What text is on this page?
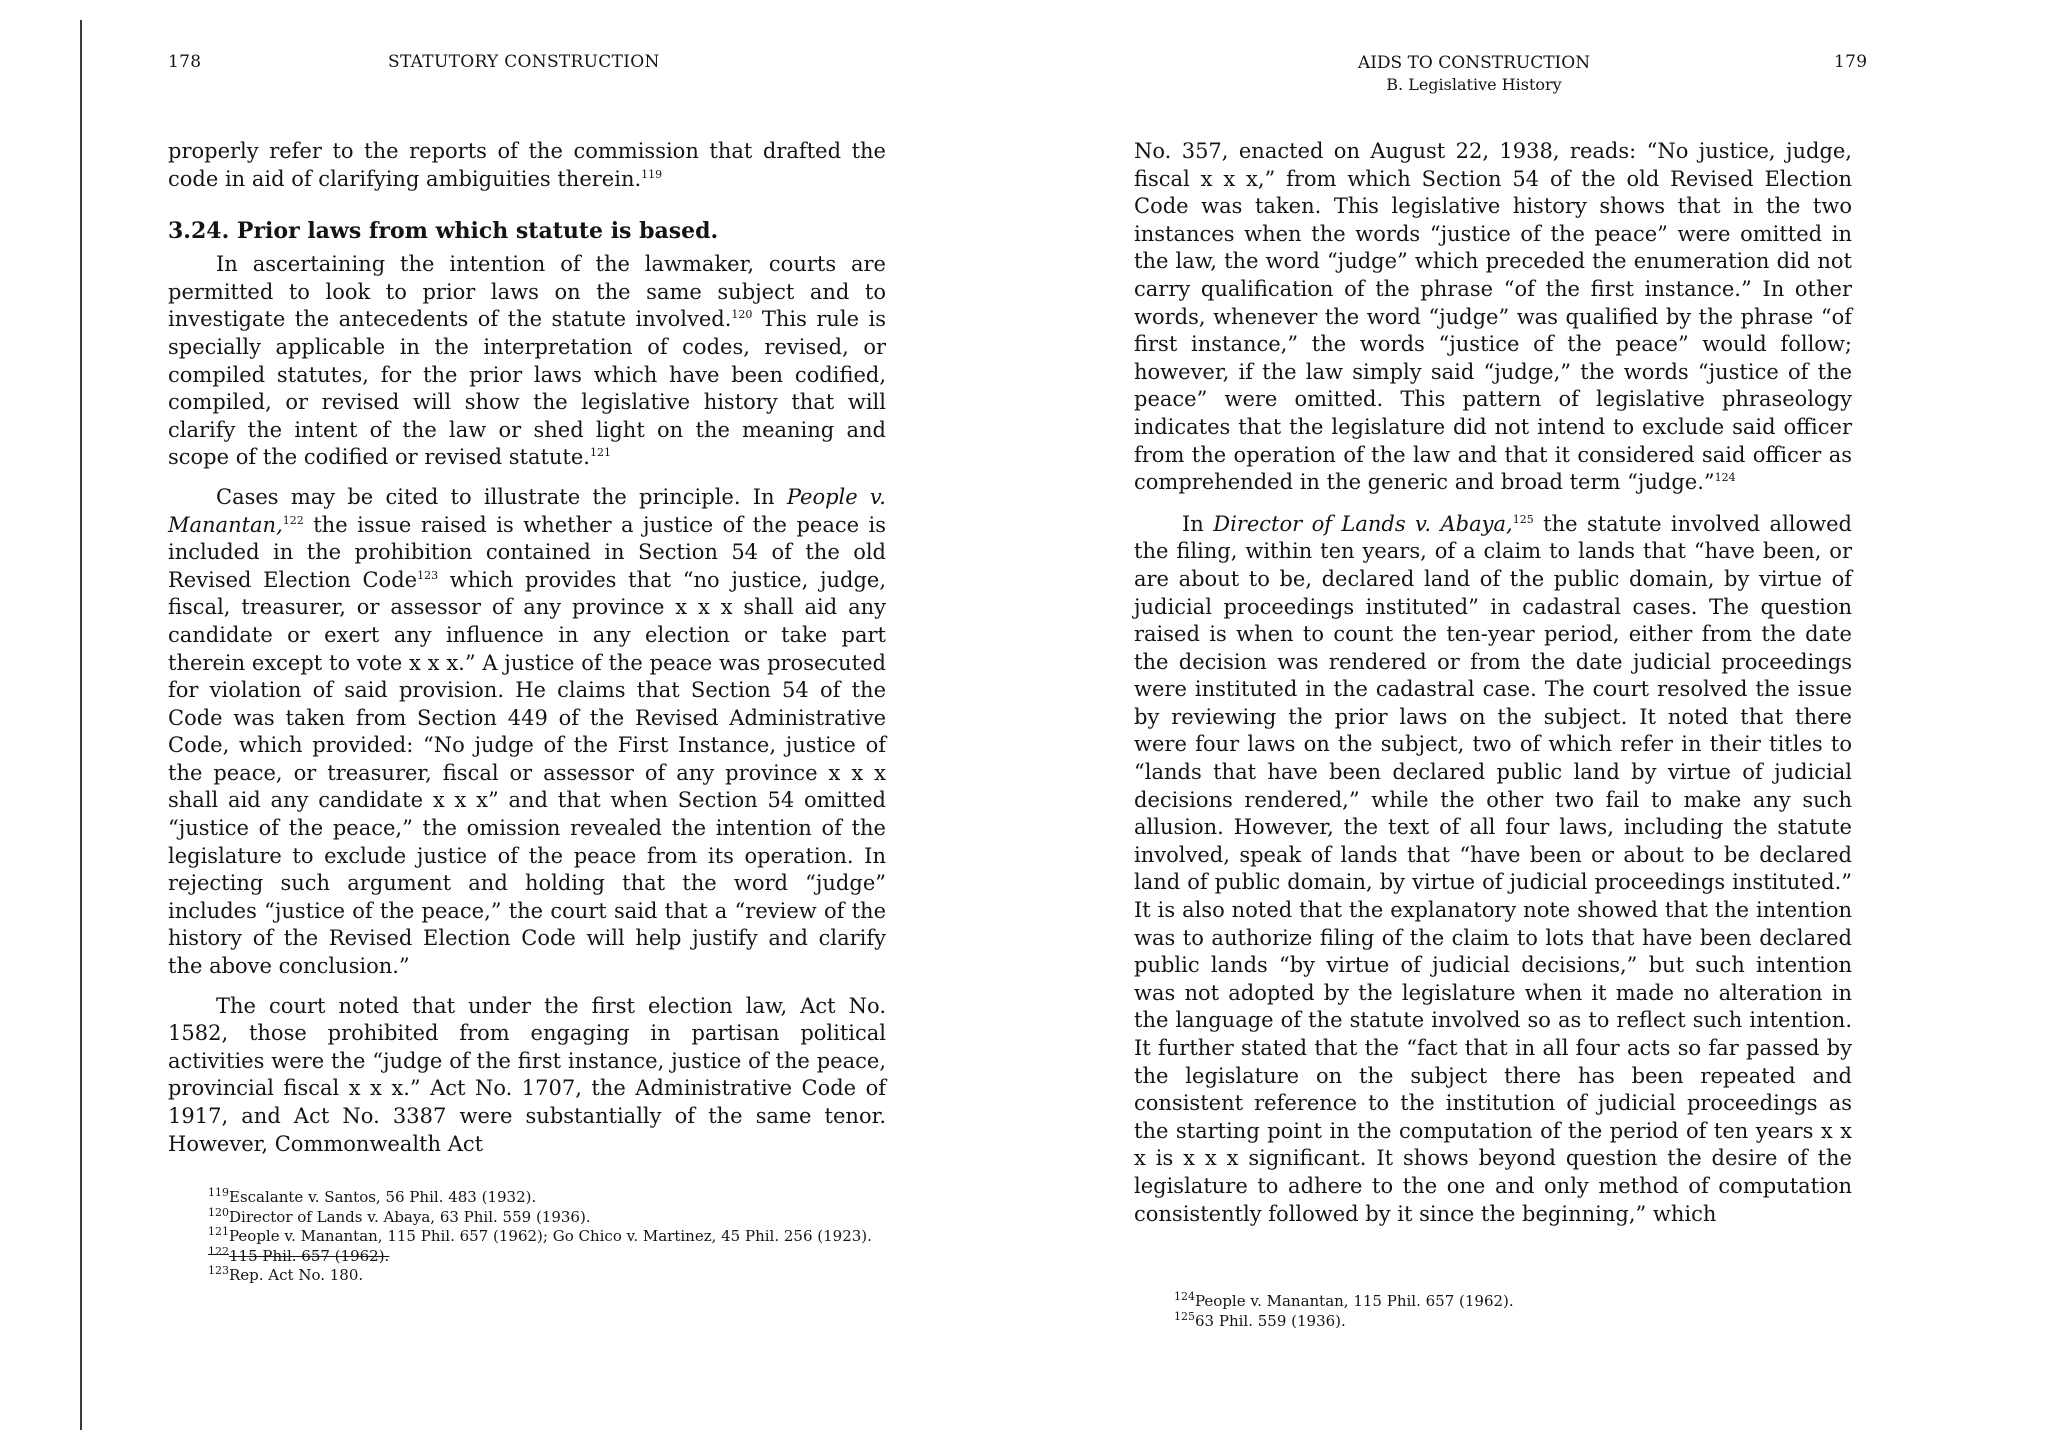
178	STATUTORY CONSTRUCTION

properly refer to the reports of the commission that drafted the code in aid of clarifying ambiguities therein.$^{119}$

3.24. Prior laws from which statute is based.

In ascertaining the intention of the lawmaker, courts are permitted to look to prior laws on the same subject and to investigate the antecedents of the statute involved.$^{120}$ This rule is specially applicable in the interpretation of codes, revised, or compiled statutes, for the prior laws which have been codified, compiled, or revised will show the legislative history that will clarify the intent of the law or shed light on the meaning and scope of the codified or revised statute.$^{121}$

Cases may be cited to illustrate the principle. In People v. Manantan,$^{122}$ the issue raised is whether a justice of the peace is included in the prohibition contained in Section 54 of the old Revised Election Code$^{123}$ which provides that “no justice, judge, fiscal, treasurer, or assessor of any province x x x shall aid any candidate or exert any influence in any election or take part therein except to vote x x x.” A justice of the peace was prosecuted for violation of said provision. He claims that Section 54 of the Code was taken from Section 449 of the Revised Administrative Code, which provided: “No judge of the First Instance, justice of the peace, or treasurer, fiscal or assessor of any province x x x shall aid any candidate x x x” and that when Section 54 omitted “justice of the peace,” the omission revealed the intention of the legislature to exclude justice of the peace from its operation. In rejecting such argument and holding that the word “judge” includes “justice of the peace,” the court said that a “review of the history of the Revised Election Code will help justify and clarify the above conclusion.”

The court noted that under the first election law, Act No. 1582, those prohibited from engaging in partisan political activities were the “judge of the first instance, justice of the peace, provincial fiscal x x x.” Act No. 1707, the Administrative Code of 1917, and Act No. 3387 were substantially of the same tenor. However, Commonwealth Act

$^{119}$Escalante v. Santos, 56 Phil. 483 (1932).

$^{120}$Director of Lands v. Abaya, 63 Phil. 559 (1936).

$^{121}$People v. Manantan, 115 Phil. 657 (1962); Go Chico v. Martinez, 45 Phil. 256 (1923).

$^{122}$115 Phil. 657 (1962).

$^{123}$Rep. Act No. 180.

AIDS TO CONSTRUCTION
B. Legislative History
179

No. 357, enacted on August 22, 1938, reads: “No justice, judge, fiscal x x x,” from which Section 54 of the old Revised Election Code was taken. This legislative history shows that in the two instances when the words “justice of the peace” were omitted in the law, the word “judge” which preceded the enumeration did not carry qualification of the phrase “of the first instance.” In other words, whenever the word “judge” was qualified by the phrase “of first instance,” the words “justice of the peace” would follow; however, if the law simply said “judge,” the words “justice of the peace” were omitted. This pattern of legislative phraseology indicates that the legislature did not intend to exclude said officer from the operation of the law and that it considered said officer as comprehended in the generic and broad term “judge.”$^{124}$

In Director of Lands v. Abaya,$^{125}$ the statute involved allowed the filing, within ten years, of a claim to lands that “have been, or are about to be, declared land of the public domain, by virtue of judicial proceedings instituted” in cadastral cases. The question raised is when to count the ten-year period, either from the date the decision was rendered or from the date judicial proceedings were instituted in the cadastral case. The court resolved the issue by reviewing the prior laws on the subject. It noted that there were four laws on the subject, two of which refer in their titles to “lands that have been declared public land by virtue of judicial decisions rendered,” while the other two fail to make any such allusion. However, the text of all four laws, including the statute involved, speak of lands that “have been or about to be declared land of public domain, by virtue of judicial proceedings instituted.” It is also noted that the explanatory note showed that the intention was to authorize filing of the claim to lots that have been declared public lands “by virtue of judicial decisions,” but such intention was not adopted by the legislature when it made no alteration in the language of the statute involved so as to reflect such intention. It further stated that the “fact that in all four acts so far passed by the legislature on the subject there has been repeated and consistent reference to the institution of judicial proceedings as the starting point in the computation of the period of ten years x x x is x x x significant. It shows beyond question the desire of the legislature to adhere to the one and only method of computation consistently followed by it since the beginning,” which

$^{124}$People v. Manantan, 115 Phil. 657 (1962).

$^{125}$63 Phil. 559 (1936).
